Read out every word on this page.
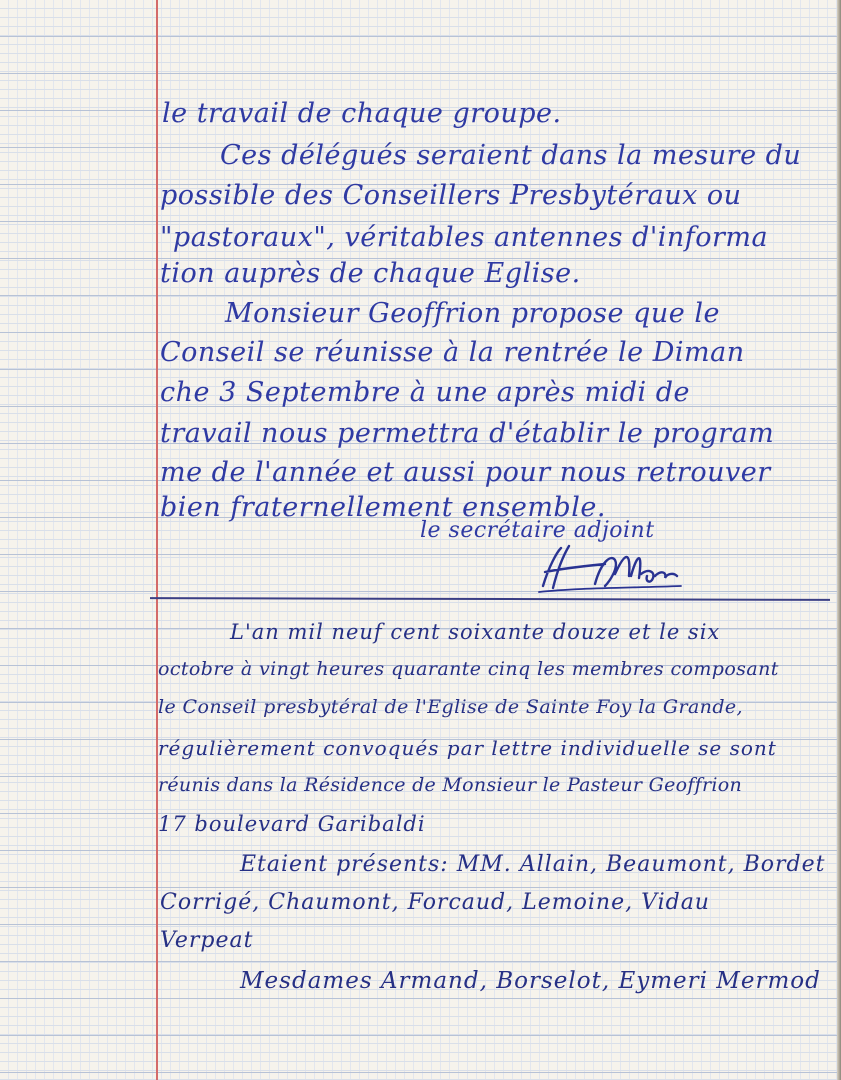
le travail de chaque groupe.
Ces délégués seraient dans la mesure du
possible des Conseillers Presbytéraux ou
"pastoraux", véritables antennes d'informa
tion auprès de chaque Eglise.
Monsieur Geoffrion propose que le
Conseil se réunisse à la rentrée le Diman
che 3 Septembre à une après midi de
travail nous permettra d'établir le program
me de l'année et aussi pour nous retrouver
bien fraternellement ensemble.
le secrétaire adjoint
L'an mil neuf cent soixante douze et le six
octobre à vingt heures quarante cinq les membres composant
le Conseil presbytéral de l'Eglise de Sainte Foy la Grande,
régulièrement convoqués par lettre individuelle se sont
réunis dans la Résidence de Monsieur le Pasteur Geoffrion
17 boulevard Garibaldi
Etaient présents: MM. Allain, Beaumont, Bordet
Corrigé, Chaumont, Forcaud, Lemoine, Vidau
Verpeat
Mesdames Armand, Borselot, Eymeri Mermod
